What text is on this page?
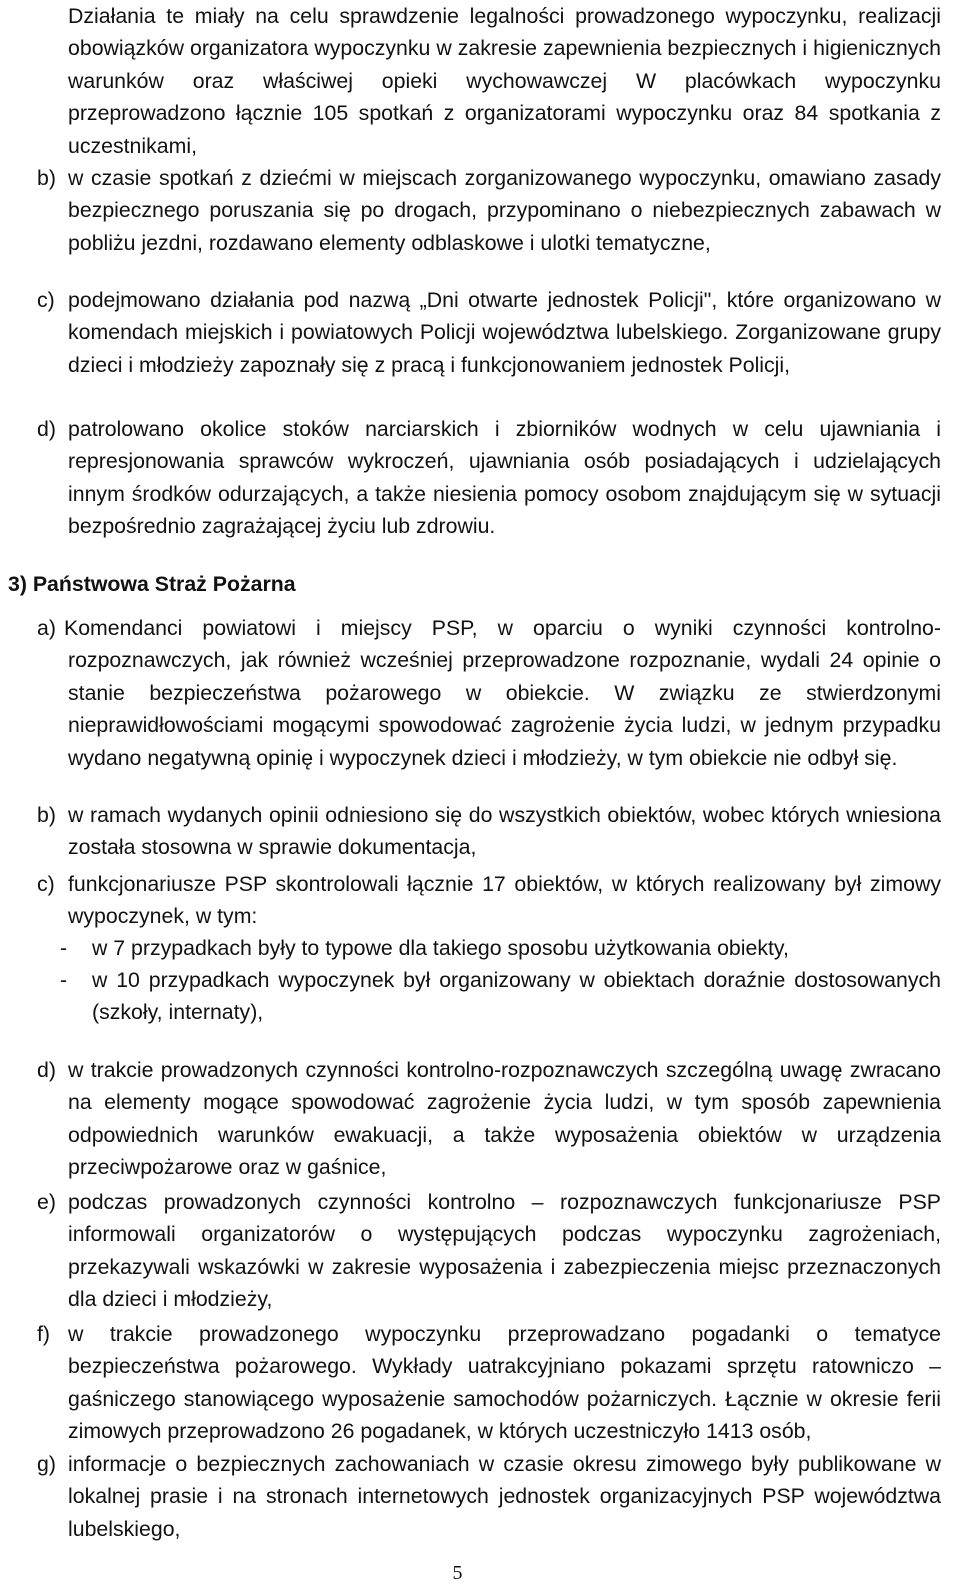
Działania te miały na celu sprawdzenie legalności prowadzonego wypoczynku, realizacji obowiązków organizatora wypoczynku w zakresie zapewnienia bezpiecznych i higienicznych warunków oraz właściwej opieki wychowawczej W placówkach wypoczynku przeprowadzono łącznie 105 spotkań z organizatorami wypoczynku oraz 84 spotkania z uczestnikami,
b) w czasie spotkań z dziećmi w miejscach zorganizowanego wypoczynku, omawiano zasady bezpiecznego poruszania się po drogach, przypominano o niebezpiecznych zabawach w pobliżu jezdni, rozdawano elementy odblaskowe i ulotki tematyczne,
c) podejmowano działania pod nazwą „Dni otwarte jednostek Policji", które organizowano w komendach miejskich i powiatowych Policji województwa lubelskiego. Zorganizowane grupy dzieci i młodzieży zapoznały się z pracą i funkcjonowaniem jednostek Policji,
d) patrolowano okolice stoków narciarskich i zbiorników wodnych w celu ujawniania i represjonowania sprawców wykroczeń, ujawniania osób posiadających i udzielających innym środków odurzających, a także niesienia pomocy osobom znajdującym się w sytuacji bezpośrednio zagrażającej życiu lub zdrowiu.
3) Państwowa Straż Pożarna
a) Komendanci powiatowi i miejscy PSP, w oparciu o wyniki czynności kontrolno-rozpoznawczych, jak również wcześniej przeprowadzone rozpoznanie, wydali 24 opinie o stanie bezpieczeństwa pożarowego w obiekcie. W związku ze stwierdzonymi nieprawidłowościami mogącymi spowodować zagrożenie życia ludzi, w jednym przypadku wydano negatywną opinię i wypoczynek dzieci i młodzieży, w tym obiekcie nie odbył się.
b) w ramach wydanych opinii odniesiono się do wszystkich obiektów, wobec których wniesiona została stosowna w sprawie dokumentacja,
c) funkcjonariusze PSP skontrolowali łącznie 17 obiektów, w których realizowany był zimowy wypoczynek, w tym:
- w 7 przypadkach były to typowe dla takiego sposobu użytkowania obiekty,
- w 10 przypadkach wypoczynek był organizowany w obiektach doraźnie dostosowanych (szkoły, internaty),
d) w trakcie prowadzonych czynności kontrolno-rozpoznawczych szczególną uwagę zwracano na elementy mogące spowodować zagrożenie życia ludzi, w tym sposób zapewnienia odpowiednich warunków ewakuacji, a także wyposażenia obiektów w urządzenia przeciwpożarowe oraz w gaśnice,
e) podczas prowadzonych czynności kontrolno – rozpoznawczych funkcjonariusze PSP informowali organizatorów o występujących podczas wypoczynku zagrożeniach, przekazywali wskazówki w zakresie wyposażenia i zabezpieczenia miejsc przeznaczonych dla dzieci i młodzieży,
f) w trakcie prowadzonego wypoczynku przeprowadzano pogadanki o tematyce bezpieczeństwa pożarowego. Wykłady uatrakcyjniano pokazami sprzętu ratowniczo – gaśniczego stanowiącego wyposażenie samochodów pożarniczych. Łącznie w okresie ferii zimowych przeprowadzono 26 pogadanek, w których uczestniczyło 1413 osób,
g) informacje o bezpiecznych zachowaniach w czasie okresu zimowego były publikowane w lokalnej prasie i na stronach internetowych jednostek organizacyjnych PSP województwa lubelskiego,
5
